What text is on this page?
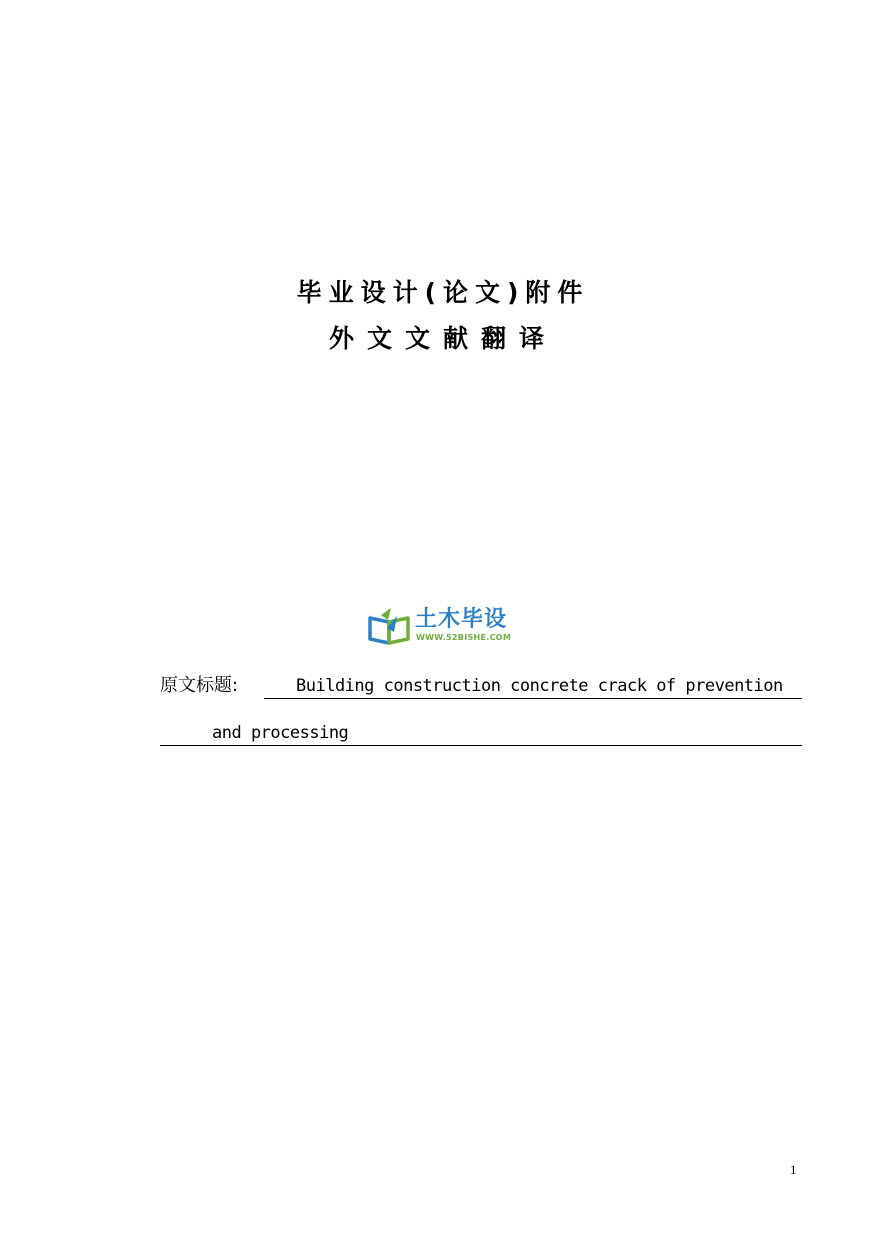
毕业设计(论文)附件
外文文献翻译
土木毕设
WWW.52BISHE.COM
原文标题:	Building construction concrete crack of prevention
and processing
1
